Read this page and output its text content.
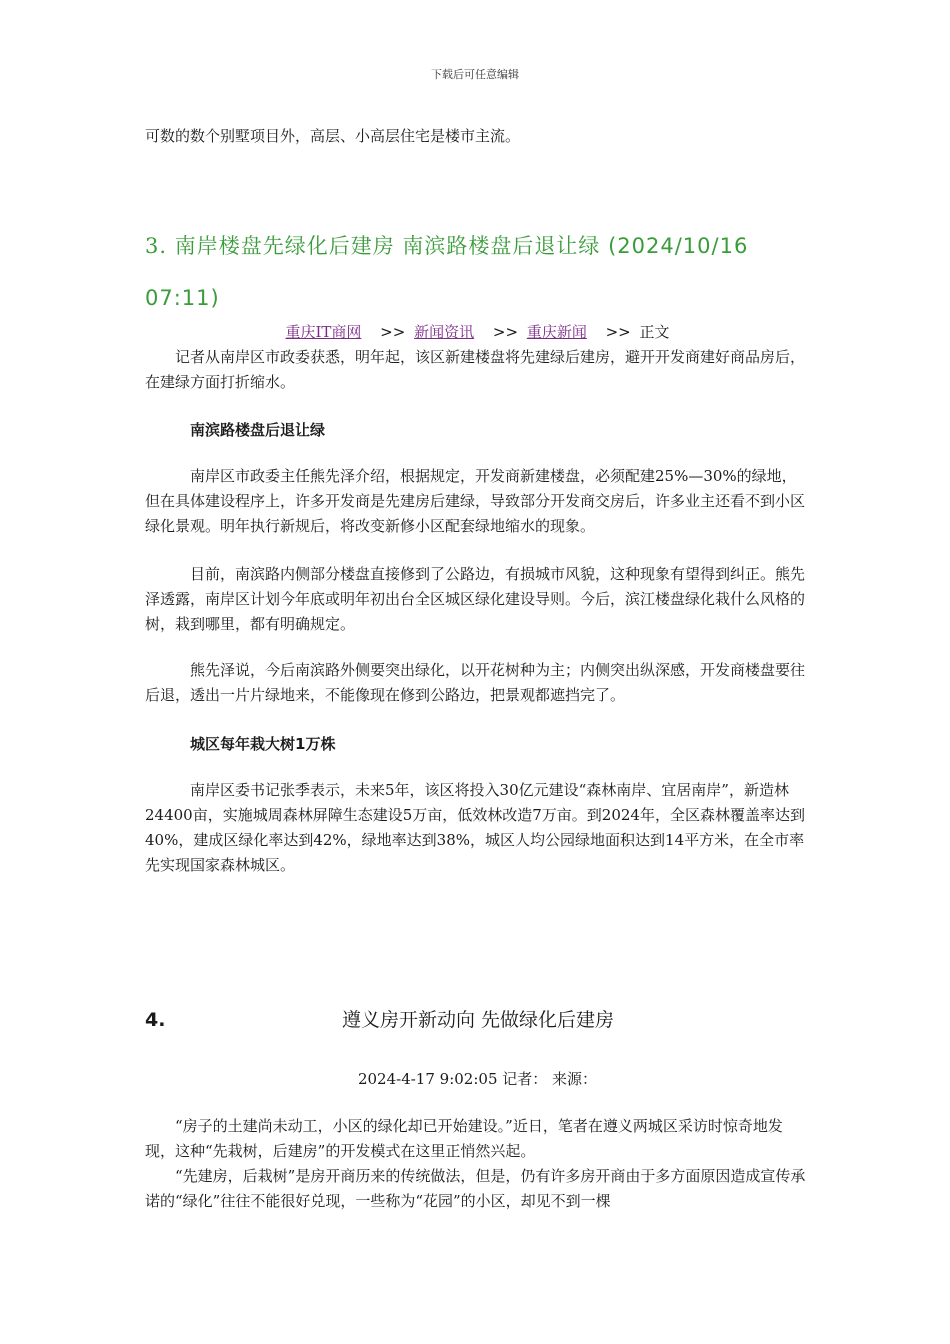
下载后可任意编辑

可数的数个别墅项目外，高层、小高层住宅是楼市主流。

3. 南岸楼盘先绿化后建房 南滨路楼盘后退让绿 (2024/10/16 07:11)
重庆IT商网 >> 新闻资讯 >> 重庆新闻 >> 正文

记者从南岸区市政委获悉，明年起，该区新建楼盘将先建绿后建房，避开开发商建好商品房后，在建绿方面打折缩水。

南滨路楼盘后退让绿

南岸区市政委主任熊先泽介绍，根据规定，开发商新建楼盘，必须配建25%—30%的绿地，但在具体建设程序上，许多开发商是先建房后建绿，导致部分开发商交房后，许多业主还看不到小区绿化景观。明年执行新规后，将改变新修小区配套绿地缩水的现象。

目前，南滨路内侧部分楼盘直接修到了公路边，有损城市风貌，这种现象有望得到纠正。熊先泽透露，南岸区计划今年底或明年初出台全区城区绿化建设导则。今后，滨江楼盘绿化栽什么风格的树，栽到哪里，都有明确规定。

熊先泽说，今后南滨路外侧要突出绿化，以开花树种为主；内侧突出纵深感，开发商楼盘要往后退，透出一片片绿地来，不能像现在修到公路边，把景观都遮挡完了。

城区每年栽大树1万株

南岸区委书记张季表示，未来5年，该区将投入30亿元建设“森林南岸、宜居南岸”，新造林24400亩，实施城周森林屏障生态建设5万亩，低效林改造7万亩。到2024年，全区森林覆盖率达到40%，建成区绿化率达到42%，绿地率达到38%，城区人均公园绿地面积达到14平方米，在全市率先实现国家森林城区。

4.	遵义房开新动向 先做绿化后建房
2024-4-17 9:02:05 记者： 来源：

“房子的土建尚未动工，小区的绿化却已开始建设。”近日，笔者在遵义两城区采访时惊奇地发现，这种“先栽树，后建房”的开发模式在这里正悄然兴起。

“先建房，后栽树”是房开商历来的传统做法，但是，仍有许多房开商由于多方面原因造成宣传承诺的“绿化”往往不能很好兑现，一些称为“花园”的小区，却见不到一棵
